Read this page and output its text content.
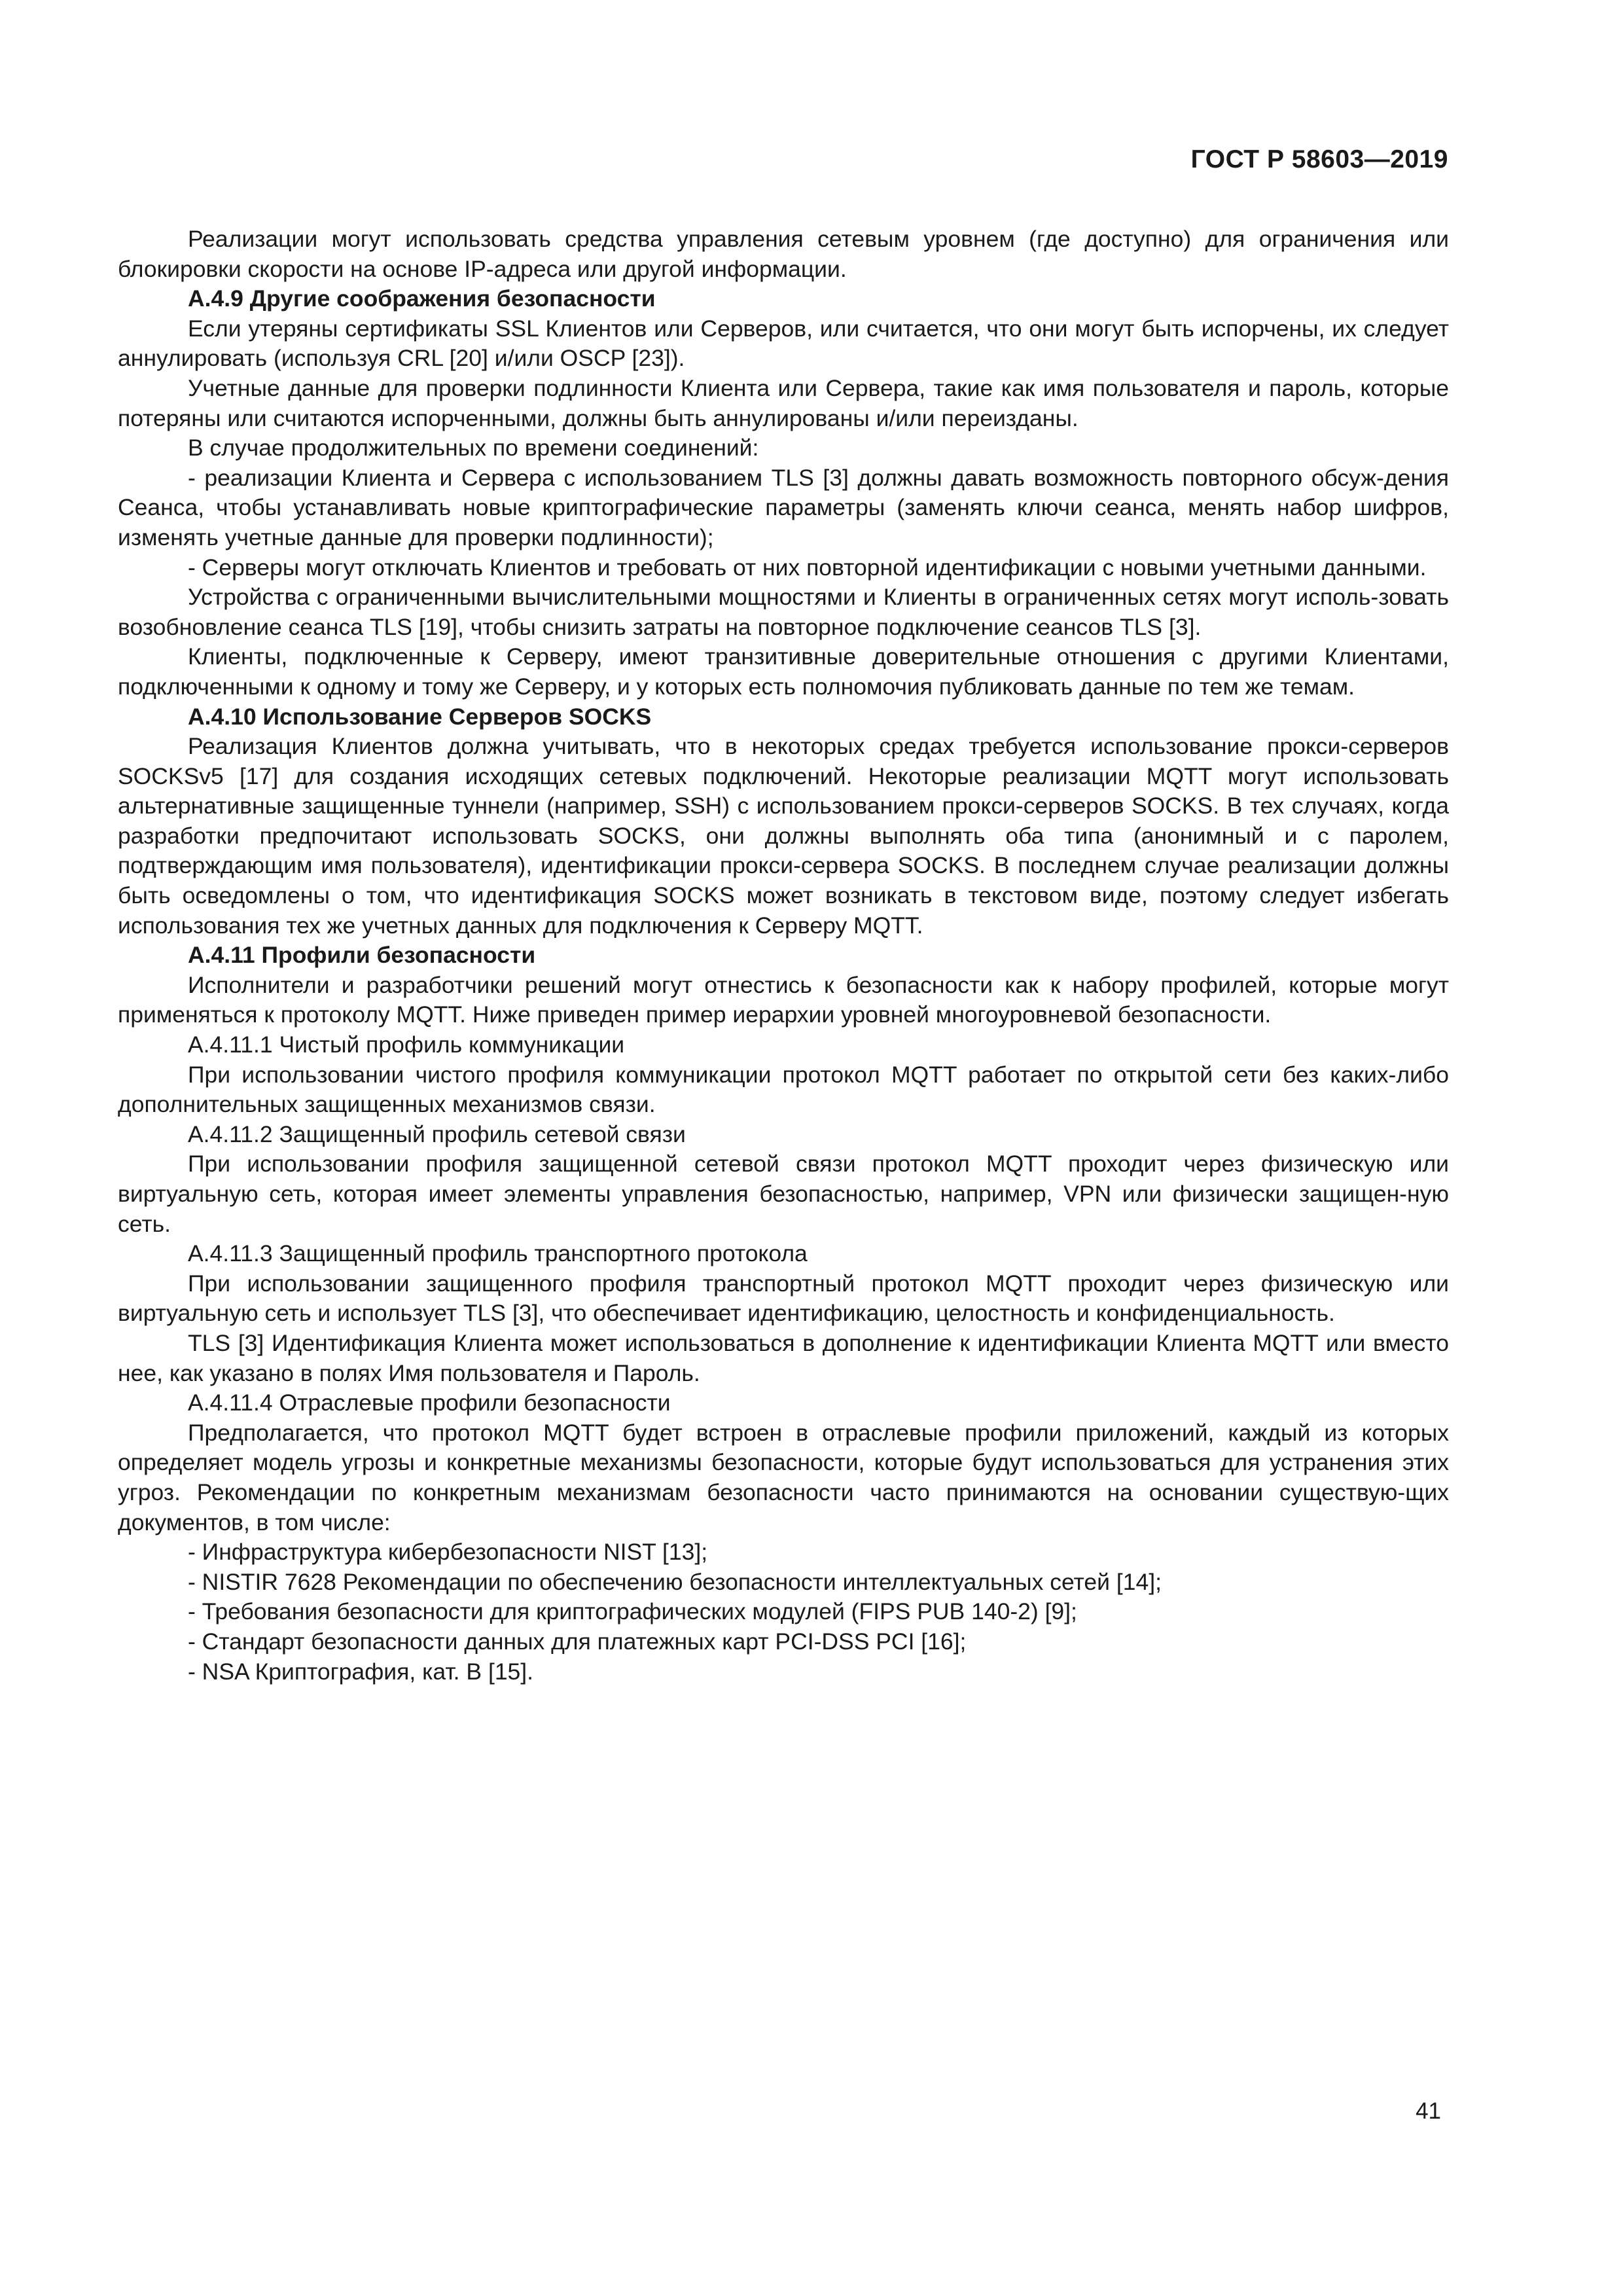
ГОСТ Р 58603—2019

Реализации могут использовать средства управления сетевым уровнем (где доступно) для ограничения или блокировки скорости на основе IP-адреса или другой информации.

А.4.9 Другие соображения безопасности

Если утеряны сертификаты SSL Клиентов или Серверов, или считается, что они могут быть испорчены, их следует аннулировать (используя CRL [20] и/или OSCP [23]).

Учетные данные для проверки подлинности Клиента или Сервера, такие как имя пользователя и пароль, которые потеряны или считаются испорченными, должны быть аннулированы и/или переизданы.

В случае продолжительных по времени соединений:

- реализации Клиента и Сервера с использованием TLS [3] должны давать возможность повторного обсуж-дения Сеанса, чтобы устанавливать новые криптографические параметры (заменять ключи сеанса, менять набор шифров, изменять учетные данные для проверки подлинности);

- Серверы могут отключать Клиентов и требовать от них повторной идентификации с новыми учетными данными.

Устройства с ограниченными вычислительными мощностями и Клиенты в ограниченных сетях могут исполь-зовать возобновление сеанса TLS [19], чтобы снизить затраты на повторное подключение сеансов TLS [3].

Клиенты, подключенные к Серверу, имеют транзитивные доверительные отношения с другими Клиентами, подключенными к одному и тому же Серверу, и у которых есть полномочия публиковать данные по тем же темам.

А.4.10 Использование Серверов SOCKS

Реализация Клиентов должна учитывать, что в некоторых средах требуется использование прокси-серверов SOCKSv5 [17] для создания исходящих сетевых подключений. Некоторые реализации MQTT могут использовать альтернативные защищенные туннели (например, SSH) с использованием прокси-серверов SOCKS. В тех случаях, когда разработки предпочитают использовать SOCKS, они должны выполнять оба типа (анонимный и с паролем, подтверждающим имя пользователя), идентификации прокси-сервера SOCKS. В последнем случае реализации должны быть осведомлены о том, что идентификация SOCKS может возникать в текстовом виде, поэтому следует избегать использования тех же учетных данных для подключения к Серверу MQTT.

А.4.11 Профили безопасности

Исполнители и разработчики решений могут отнестись к безопасности как к набору профилей, которые могут применяться к протоколу MQTT. Ниже приведен пример иерархии уровней многоуровневой безопасности.

А.4.11.1 Чистый профиль коммуникации

При использовании чистого профиля коммуникации протокол MQTT работает по открытой сети без каких-либо дополнительных защищенных механизмов связи.

А.4.11.2 Защищенный профиль сетевой связи

При использовании профиля защищенной сетевой связи протокол MQTT проходит через физическую или виртуальную сеть, которая имеет элементы управления безопасностью, например, VPN или физически защищен-ную сеть.

А.4.11.3 Защищенный профиль транспортного протокола

При использовании защищенного профиля транспортный протокол MQTT проходит через физическую или виртуальную сеть и использует TLS [3], что обеспечивает идентификацию, целостность и конфиденциальность.

TLS [3] Идентификация Клиента может использоваться в дополнение к идентификации Клиента MQTT или вместо нее, как указано в полях Имя пользователя и Пароль.

А.4.11.4 Отраслевые профили безопасности

Предполагается, что протокол MQTT будет встроен в отраслевые профили приложений, каждый из которых определяет модель угрозы и конкретные механизмы безопасности, которые будут использоваться для устранения этих угроз. Рекомендации по конкретным механизмам безопасности часто принимаются на основании существую-щих документов, в том числе:

- Инфраструктура кибербезопасности NIST [13];

- NISTIR 7628 Рекомендации по обеспечению безопасности интеллектуальных сетей [14];

- Требования безопасности для криптографических модулей (FIPS PUB 140-2) [9];

- Стандарт безопасности данных для платежных карт PCI-DSS PCI [16];

- NSA Криптография, кат. B [15].

41
